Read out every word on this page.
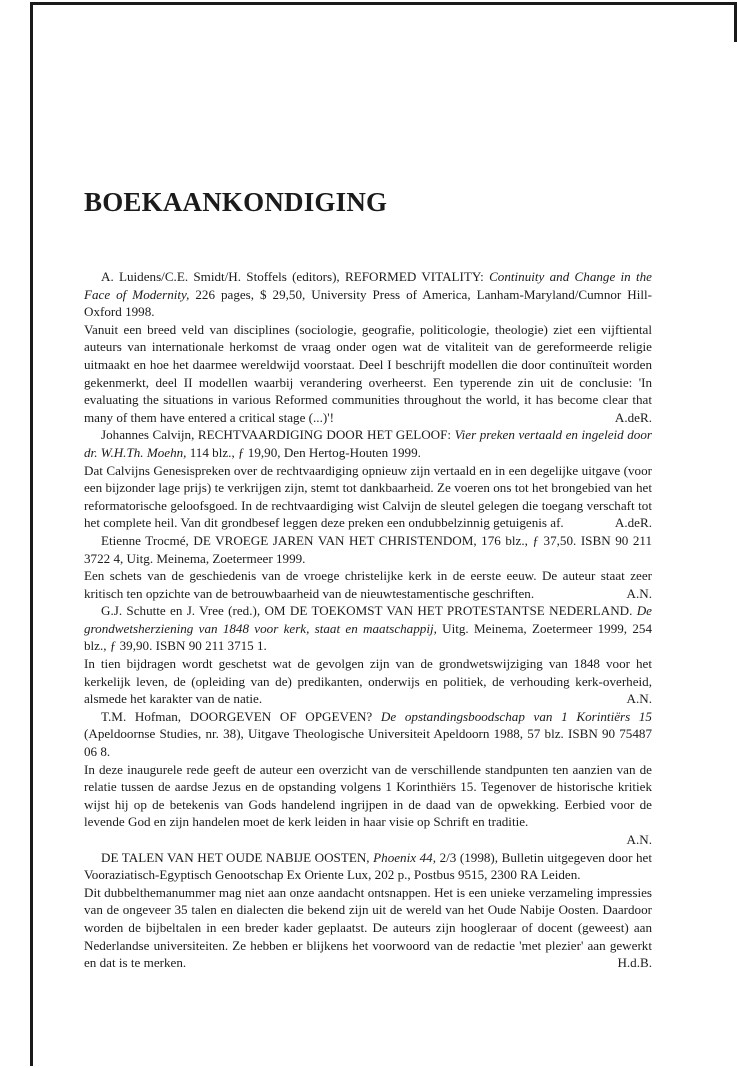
BOEKAANKONDIGING

A. Luidens/C.E. Smidt/H. Stoffels (editors), REFORMED VITALITY: Continuity and Change in the Face of Modernity, 226 pages, $ 29,50, University Press of America, Lanham-Maryland/Cumnor Hill-Oxford 1998.

Vanuit een breed veld van disciplines (sociologie, geografie, politicologie, theologie) ziet een vijftiental auteurs van internationale herkomst de vraag onder ogen wat de vitaliteit van de gereformeerde religie uitmaakt en hoe het daarmee wereldwijd voorstaat. Deel I beschrijft modellen die door continuïteit worden gekenmerkt, deel II modellen waarbij verandering overheerst. Een typerende zin uit de conclusie: 'In evaluating the situations in various Reformed communities throughout the world, it has become clear that many of them have entered a critical stage (...)'!	A.deR.

Johannes Calvijn, RECHTVAARDIGING DOOR HET GELOOF: Vier preken vertaald en ingeleid door dr. W.H.Th. Moehn, 114 blz., ƒ 19,90, Den Hertog-Houten 1999.

Dat Calvijns Genesispreken over de rechtvaardiging opnieuw zijn vertaald en in een degelijke uitgave (voor een bijzonder lage prijs) te verkrijgen zijn, stemt tot dankbaarheid. Ze voeren ons tot het brongebied van het reformatorische geloofsgoed. In de rechtvaardiging wist Calvijn de sleutel gelegen die toegang verschaft tot het complete heil. Van dit grondbesef leggen deze preken een ondubbelzinnig getuigenis af.	A.deR.

Etienne Trocmé, DE VROEGE JAREN VAN HET CHRISTENDOM, 176 blz., ƒ 37,50. ISBN 90 211 3722 4, Uitg. Meinema, Zoetermeer 1999.

Een schets van de geschiedenis van de vroege christelijke kerk in de eerste eeuw. De auteur staat zeer kritisch ten opzichte van de betrouwbaarheid van de nieuwtestamentische geschriften.	A.N.

G.J. Schutte en J. Vree (red.), OM DE TOEKOMST VAN HET PROTESTANTSE NEDERLAND. De grondwetsherziening van 1848 voor kerk, staat en maatschappij, Uitg. Meinema, Zoetermeer 1999, 254 blz., ƒ 39,90. ISBN 90 211 3715 1.

In tien bijdragen wordt geschetst wat de gevolgen zijn van de grondwetswijziging van 1848 voor het kerkelijk leven, de (opleiding van de) predikanten, onderwijs en politiek, de verhouding kerk-overheid, alsmede het karakter van de natie.	A.N.

T.M. Hofman, DOORGEVEN OF OPGEVEN? De opstandingsboodschap van 1 Korintiërs 15 (Apeldoornse Studies, nr. 38), Uitgave Theologische Universiteit Apeldoorn 1988, 57 blz. ISBN 90 75487 06 8.

In deze inaugurele rede geeft de auteur een overzicht van de verschillende standpunten ten aanzien van de relatie tussen de aardse Jezus en de opstanding volgens 1 Korinthiërs 15. Tegenover de historische kritiek wijst hij op de betekenis van Gods handelend ingrijpen in de daad van de opwekking. Eerbied voor de levende God en zijn handelen moet de kerk leiden in haar visie op Schrift en traditie.
A.N.

DE TALEN VAN HET OUDE NABIJE OOSTEN, Phoenix 44, 2/3 (1998), Bulletin uitgegeven door het Vooraziatisch-Egyptisch Genootschap Ex Oriente Lux, 202 p., Postbus 9515, 2300 RA Leiden.

Dit dubbelthemanummer mag niet aan onze aandacht ontsnappen. Het is een unieke verzameling impressies van de ongeveer 35 talen en dialecten die bekend zijn uit de wereld van het Oude Nabije Oosten. Daardoor worden de bijbeltalen in een breder kader geplaatst. De auteurs zijn hoogleraar of docent (geweest) aan Nederlandse universiteiten. Ze hebben er blijkens het voorwoord van de redactie 'met plezier' aan gewerkt en dat is te merken.	H.d.B.
